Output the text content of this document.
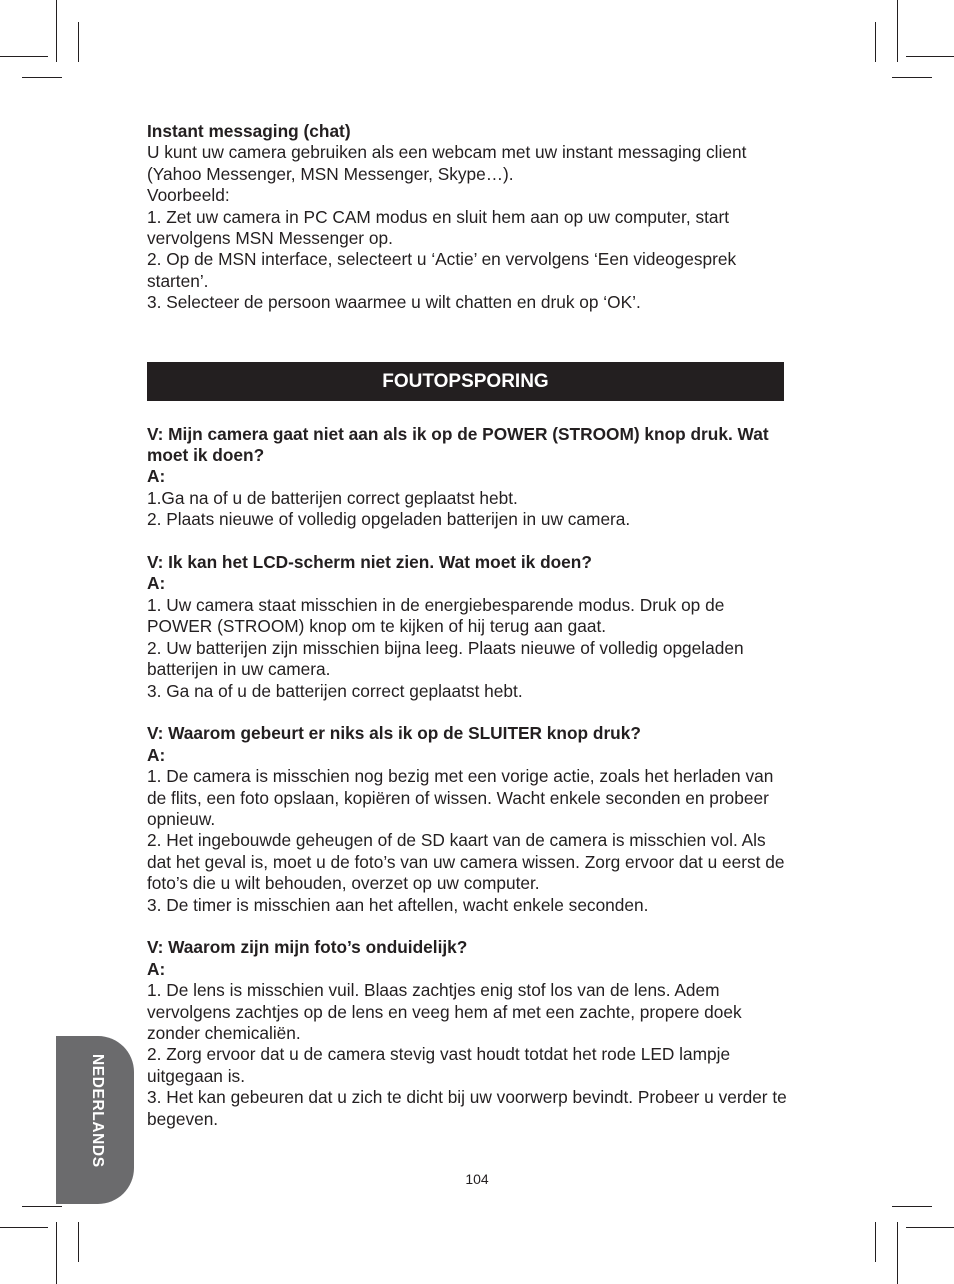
Instant messaging (chat)

U kunt uw camera gebruiken als een webcam met uw instant messaging client (Yahoo Messenger, MSN Messenger, Skype…).

Voorbeeld:

1. Zet uw camera in PC CAM modus en sluit hem aan op uw computer, start vervolgens MSN Messenger op.

2. Op de MSN interface, selecteert u ‘Actie’ en vervolgens ‘Een videogesprek starten’.

3. Selecteer de persoon waarmee u wilt chatten en druk op ‘OK’.

FOUTOPSPORING

V: Mijn camera gaat niet aan als ik op de POWER (STROOM) knop druk. Wat moet ik doen?

A:

1.Ga na of u de batterijen correct geplaatst hebt.

2. Plaats nieuwe of volledig opgeladen batterijen in uw camera.

V: Ik kan het LCD-scherm niet zien. Wat moet ik doen?

A:

1. Uw camera staat misschien in de energiebesparende modus. Druk op de POWER (STROOM) knop om te kijken of hij terug aan gaat.

2. Uw batterijen zijn misschien bijna leeg. Plaats nieuwe of volledig opgeladen batterijen in uw camera.

3. Ga na of u de batterijen correct geplaatst hebt.

V: Waarom gebeurt er niks als ik op de SLUITER knop druk?

A:

1. De camera is misschien nog bezig met een vorige actie, zoals het herladen van de flits, een foto opslaan, kopiëren of wissen. Wacht enkele seconden en probeer opnieuw.

2. Het ingebouwde geheugen of de SD kaart van de camera is misschien vol. Als dat het geval is, moet u de foto’s van uw camera wissen. Zorg ervoor dat u eerst de foto’s die u wilt behouden, overzet op uw computer.

3. De timer is misschien aan het aftellen, wacht enkele seconden.

V: Waarom zijn mijn foto’s onduidelijk?

A:

1. De lens is misschien vuil. Blaas zachtjes enig stof los van de lens. Adem vervolgens zachtjes op de lens en veeg hem af met een zachte, propere doek zonder chemicaliën.

2. Zorg ervoor dat u de camera stevig vast houdt totdat het rode LED lampje uitgegaan is.

3. Het kan gebeuren dat u zich te dicht bij uw voorwerp bevindt. Probeer u verder te begeven.

NEDERLANDS
104
